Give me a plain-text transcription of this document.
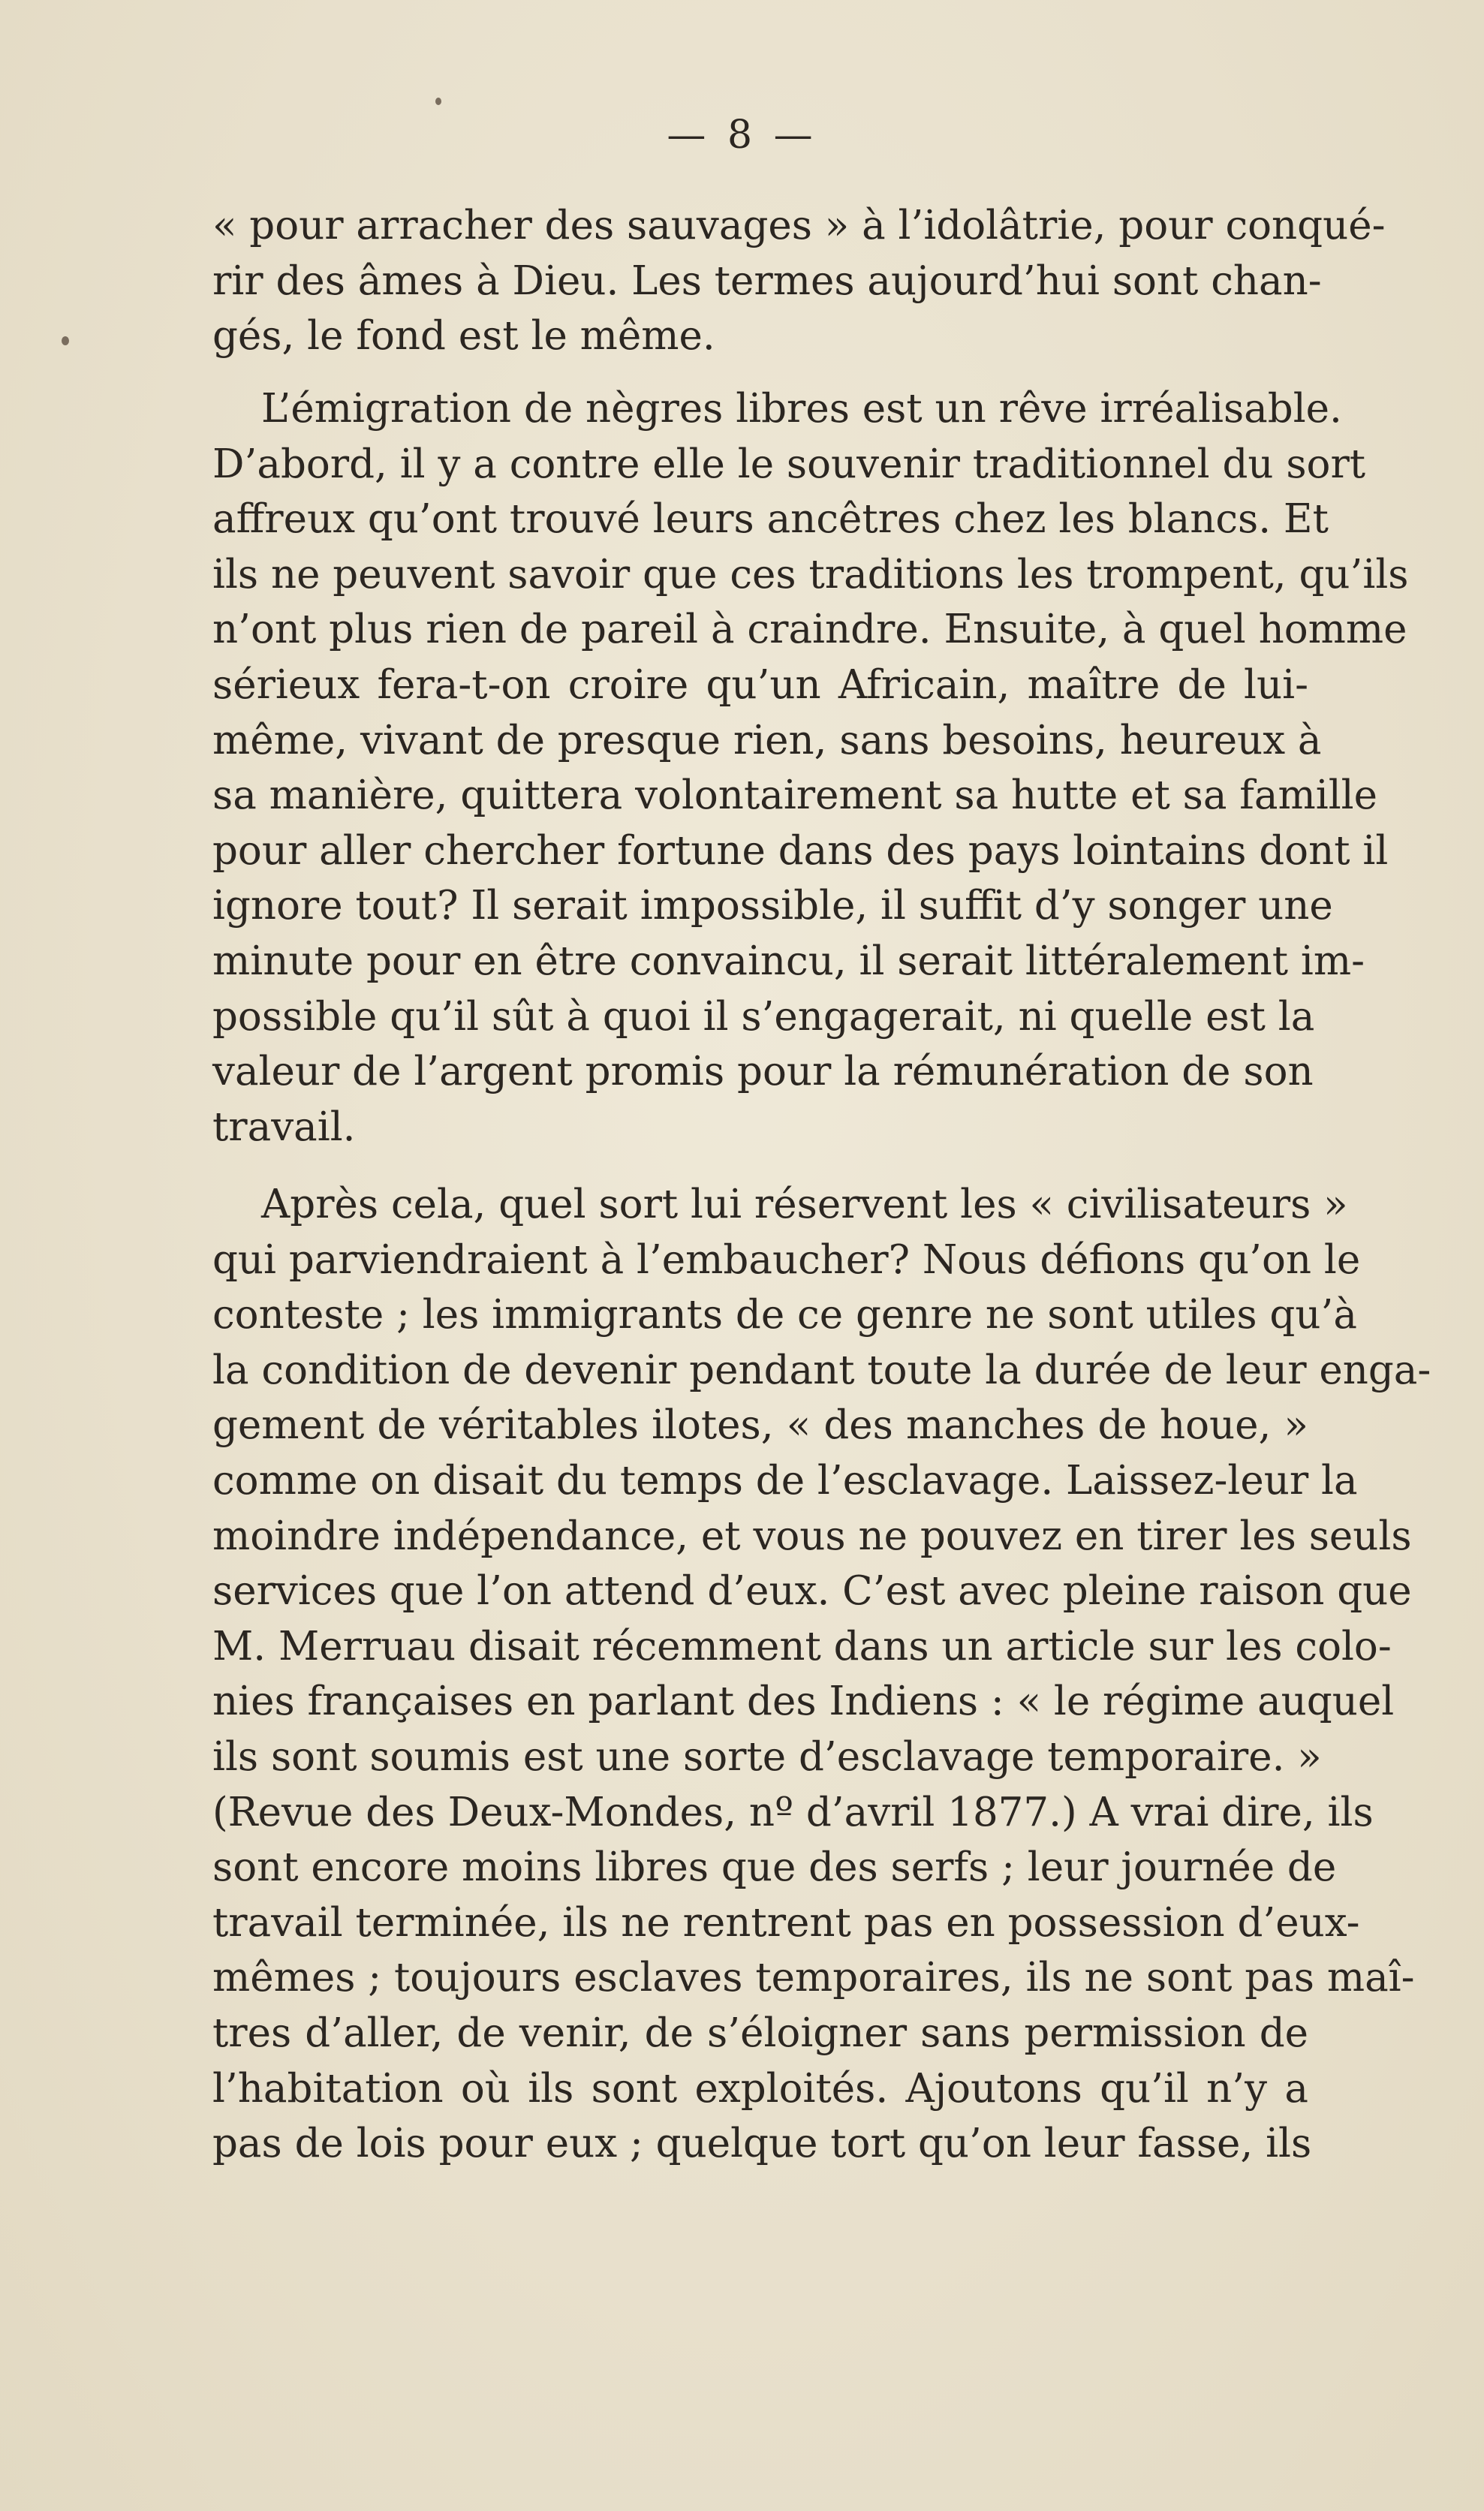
— 8 —
« pour arracher des sauvages » à l’idolâtrie, pour conqué-
rir des âmes à Dieu. Les termes aujourd’hui sont chan-
gés, le fond est le même.
L’émigration de nègres libres est un rêve irréalisable.
D’abord, il y a contre elle le souvenir traditionnel du sort
affreux qu’ont trouvé leurs ancêtres chez les blancs. Et
ils ne peuvent savoir que ces traditions les trompent, qu’ils
n’ont plus rien de pareil à craindre. Ensuite, à quel homme
sérieux fera-t-on croire qu’un Africain, maître de lui-
même, vivant de presque rien, sans besoins, heureux à
sa manière, quittera volontairement sa hutte et sa famille
pour aller chercher fortune dans des pays lointains dont il
ignore tout? Il serait impossible, il suffit d’y songer une
minute pour en être convaincu, il serait littéralement im-
possible qu’il sût à quoi il s’engagerait, ni quelle est la
valeur de l’argent promis pour la rémunération de son
travail.
Après cela, quel sort lui réservent les « civilisateurs »
qui parviendraient à l’embaucher? Nous défions qu’on le
conteste ; les immigrants de ce genre ne sont utiles qu’à
la condition de devenir pendant toute la durée de leur enga-
gement de véritables ilotes, « des manches de houe, »
comme on disait du temps de l’esclavage. Laissez-leur la
moindre indépendance, et vous ne pouvez en tirer les seuls
services que l’on attend d’eux. C’est avec pleine raison que
M. Merruau disait récemment dans un article sur les colo-
nies françaises en parlant des Indiens : « le régime auquel
ils sont soumis est une sorte d’esclavage temporaire. »
(Revue des Deux-Mondes, nº d’avril 1877.) A vrai dire, ils
sont encore moins libres que des serfs ; leur journée de
travail terminée, ils ne rentrent pas en possession d’eux-
mêmes ; toujours esclaves temporaires, ils ne sont pas maî-
tres d’aller, de venir, de s’éloigner sans permission de
l’habitation où ils sont exploités. Ajoutons qu’il n’y a
pas de lois pour eux ; quelque tort qu’on leur fasse, ils
